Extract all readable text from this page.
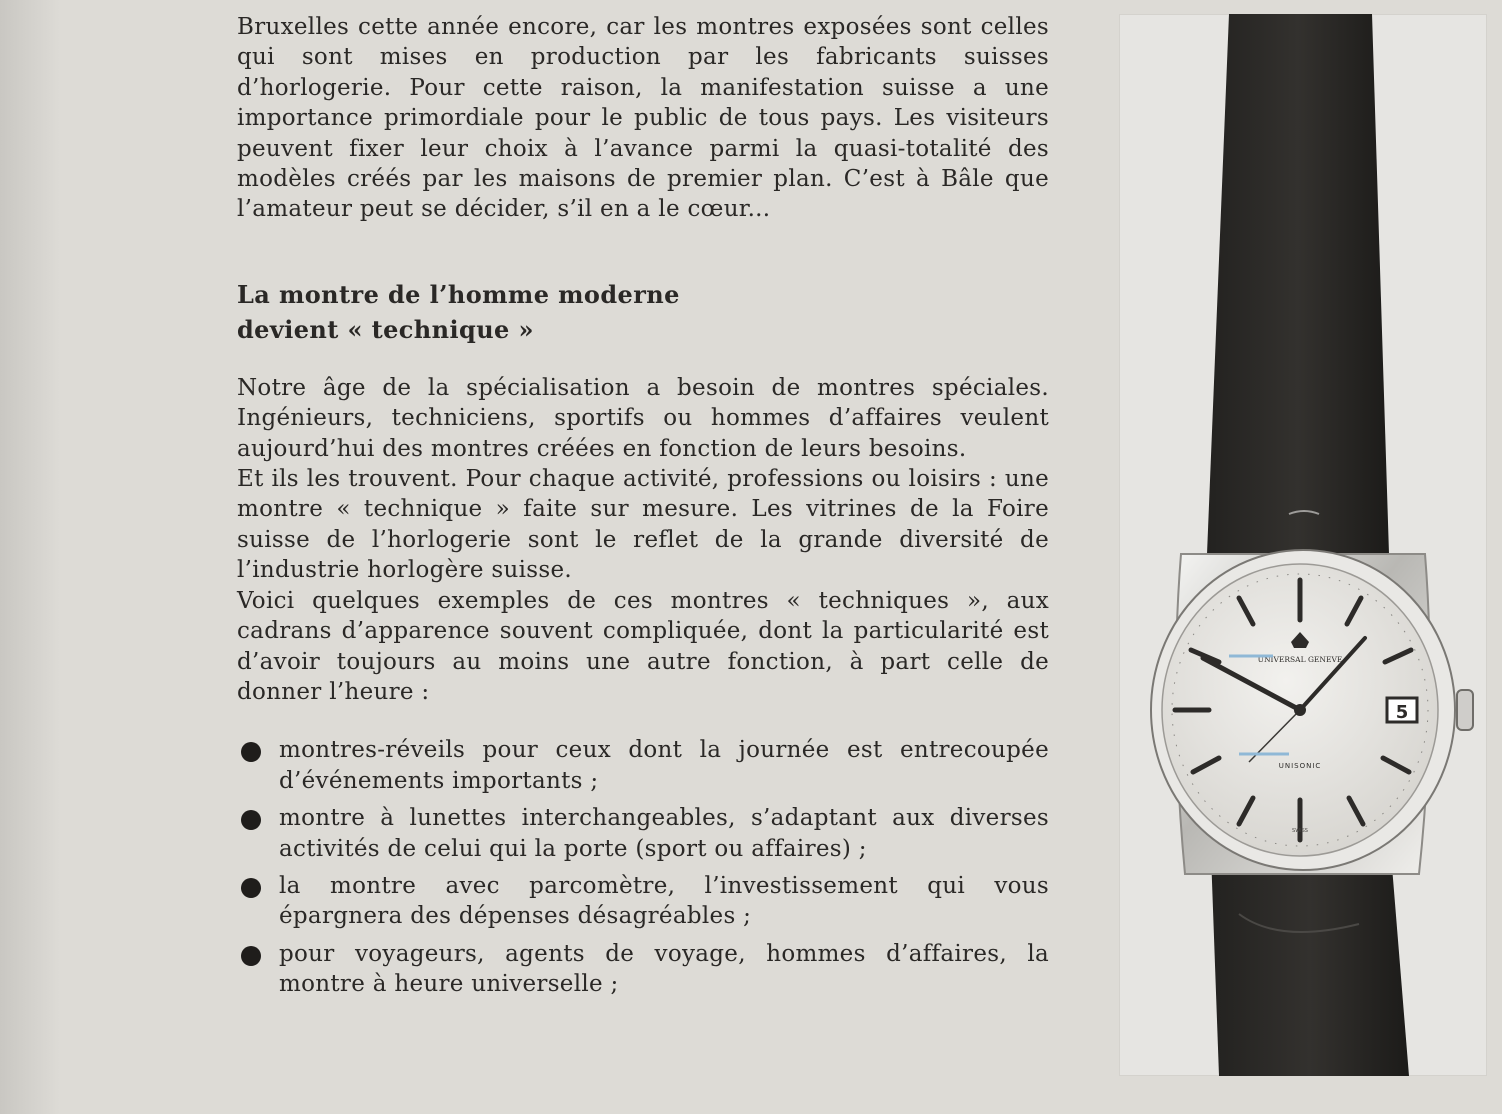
Bruxelles cette année encore, car les montres exposées sont celles qui sont mises en production par les fabricants suisses d’horlogerie. Pour cette raison, la manifestation suisse a une importance primordiale pour le public de tous pays. Les visiteurs peuvent fixer leur choix à l’avance parmi la quasi-totalité des modèles créés par les maisons de premier plan. C’est à Bâle que l’amateur peut se décider, s’il en a le cœur...

La montre de l’homme moderne
devient « technique »

Notre âge de la spécialisation a besoin de montres spéciales. Ingénieurs, techniciens, sportifs ou hommes d’affaires veulent aujourd’hui des montres créées en fonction de leurs besoins.

Et ils les trouvent. Pour chaque activité, professions ou loisirs : une montre « technique » faite sur mesure. Les vitrines de la Foire suisse de l’horlogerie sont le reflet de la grande diversité de l’industrie horlogère suisse.

Voici quelques exemples de ces montres « techniques », aux cadrans d’apparence souvent compliquée, dont la particularité est d’avoir toujours au moins une autre fonction, à part celle de donner l’heure :

montres-réveils pour ceux dont la journée est entrecoupée d’événements importants ;

montre à lunettes interchangeables, s’adaptant aux diverses activités de celui qui la porte (sport ou affaires) ;

la montre avec parcomètre, l’investissement qui vous épargnera des dépenses désagréables ;

pour voyageurs, agents de voyage, hommes d’affaires, la montre à heure universelle ;

UNIVERSAL GENEVE
UNISONIC
SWISS
5
